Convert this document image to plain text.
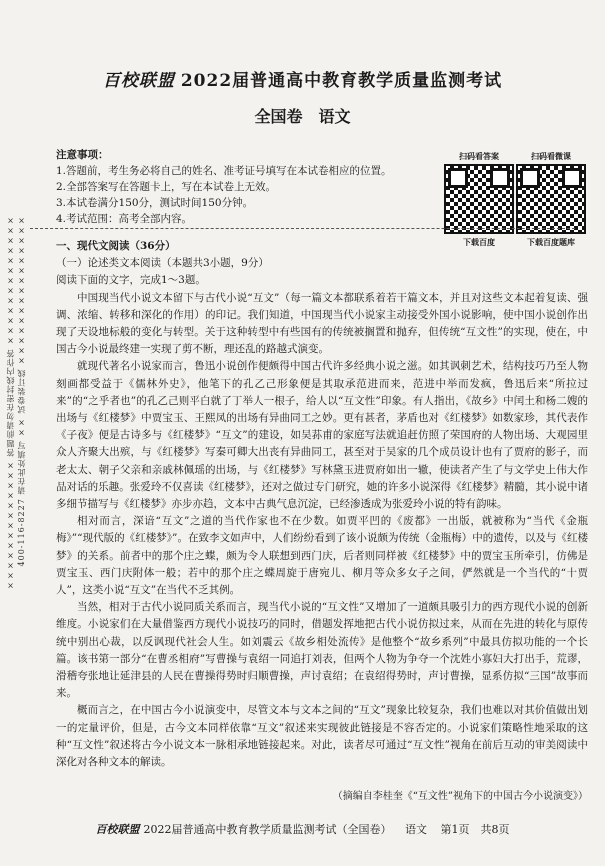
××××××××××××× 答题前请勿在密封线内作答 ××××××××××××× 400-116-8227 请在此处填写 ×× 试卷装订线 ×××××××××××××××
百校联盟 2022届普通高中教育教学质量监测考试
全国卷 语文
注意事项：
1.答题前，考生务必将自己的姓名、准考证号填写在本试卷相应的位置。
2.全部答案写在答题卡上，写在本试卷上无效。
3.本试卷满分150分，测试时间150分钟。
4.考试范围：高考全部内容。
扫码看答案
下载百度
扫码看微课
下载百度题库

一、现代文阅读（36分）

（一）论述类文本阅读（本题共3小题，9分）

阅读下面的文字，完成1～3题。

中国现当代小说文本留下与古代小说“互文”（每一篇文本都联系着若干篇文本，并且对这些文本起着复读、强调、浓缩、转移和深化的作用）的印记。我们知道，中国现当代小说家主动接受外国小说影响，使中国小说创作出现了天设地标般的变化与转型。关于这种转型中有些国有的传统被搁置和抛弃，但传统“互文性”的实现，使在，中国古今小说最终建一实现了剪不断，理还乱的路越式演变。

就现代著名小说家而言，鲁迅小说创作便颇得中国古代许多经典小说之滋。如其讽刺艺术，结构技巧乃至人物刻画都受益于《儒林外史》，他笔下的孔乙己形象便是其取承范进而来，范进中举而发疯，鲁迅后来“所拉过来”的“之乎者也”的孔乙己则平白就了丁举人一根子，给人以“互文性”印象。有人指出，《故乡》中闰土和杨二嫂的出场与《红楼梦》中贾宝玉、王熙凤的出场有异曲同工之妙。更有甚者，茅盾也对《红楼梦》如数家珍，其代表作《子夜》便是古诗多与《红楼梦》“互文”的建设，如吴荪甫的家庭写法就追赶仿照了荣国府的人物出场、大观园里众人齐聚大出殡，与《红楼梦》写秦可卿大出丧有异曲同工，甚至对于吴家的几个成员设计也有了贾府的影子，而老太太、朝子父亲和亲戚林佩瑶的出场，与《红楼梦》写林黛玉进贾府如出一辙，使读者产生了与文学史上伟大作品对话的乐趣。张爱玲不仅喜读《红楼梦》，还对之做过专门研究，她的许多小说深得《红楼梦》精髓，其小说中诸多细节描写与《红楼梦》亦步亦趋，文本中古典气息沉淀，已经渗透成为张爱玲小说的特有韵味。

相对而言，深谙“互文”之道的当代作家也不在少数。如贾平凹的《废都》一出版，就被称为“当代《金瓶梅》”“现代版的《红楼梦》”。在致李文如声中，人们纷纷看到了该小说颇为传统（金瓶梅）中的遗传，以及与《红楼梦》的关系。前者中的那个庄之蝶，颇为令人联想到西门庆，后者则同样被《红楼梦》中的贾宝玉所牵引，仿佛是贾宝玉、西门庆附体一般；若中的那个庄之蝶周旋于唐宛儿、柳月等众多女子之间，俨然就是一个当代的“十贾人”，这类小说“互文”在当代不乏其例。

当然，相对于古代小说同质关系而言，现当代小说的“互文性”又增加了一道颇具吸引力的西方现代小说的创新维度。小说家们在大量借鉴西方现代小说技巧的同时，借题发挥地把古代小说仿拟过来，从而在先进的转化与原传统中别出心裁，以反讽现代社会人生。如刘震云《故乡相处流传》是他整个“故乡系列”中最具仿拟功能的一个长篇。该书第一部分“在曹丞相府”写曹操与袁绍一同追打刘表，但两个人物为争夺一个沈姓小寡妇大打出手，荒谬，滑稽夸张地让延津县的人民在曹操得势时归顺曹操，声讨袁绍；在袁绍得势时，声讨曹操，显系仿拟“三国”故事而来。

概而言之，在中国古今小说演变中，尽管文本与文本之间的“互文”现象比较复杂，我们也难以对其价值做出划一的定量评价，但是，古今文本同样依靠“互文”叙述来实现彼此链接是不容否定的。小说家们策略性地采取的这种“互文性”叙述将古今小说文本一脉相承地链接起来。对此，读者尽可通过“互文性”视角在前后互动的审美阅读中深化对各种文本的解读。

（摘编自李桂奎《“互文性”视角下的中国古今小说演变》）
百校联盟 2022届普通高中教育教学质量监测考试（全国卷） 语文 第1页　共8页
